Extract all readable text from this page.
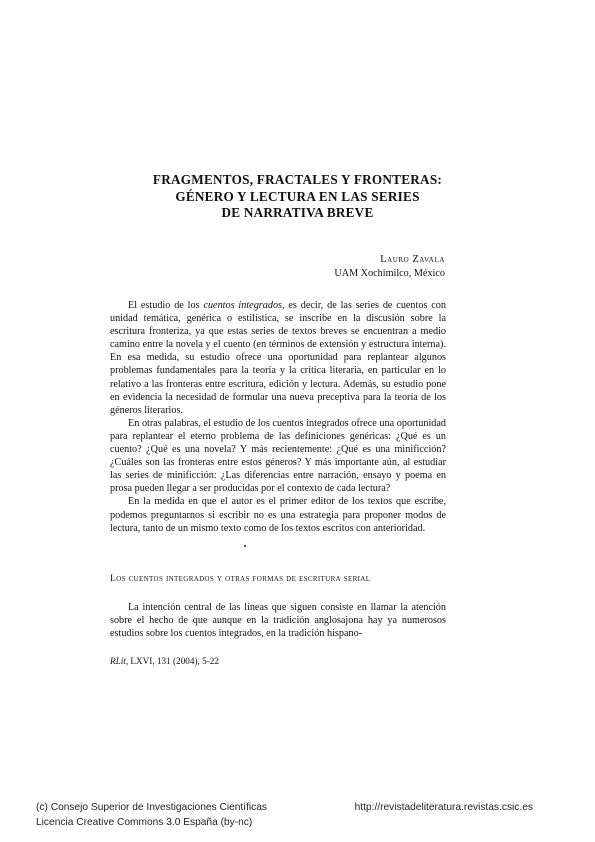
FRAGMENTOS, FRACTALES Y FRONTERAS:
GÉNERO Y LECTURA EN LAS SERIES
DE NARRATIVA BREVE
Lauro Zavala
UAM Xochimilco, México

El estudio de los cuentos integrados, es decir, de las series de cuentos con unidad temática, genérica o estilística, se inscribe en la discusión sobre la escritura fronteriza, ya que estas series de textos breves se encuentran a medio camino entre la novela y el cuento (en términos de extensión y estructura interna). En esa medida, su estudio ofrece una oportunidad para replantear algunos problemas fundamentales para la teoría y la crítica literaria, en particular en lo relativo a las fronteras entre escritura, edición y lectura. Además, su estudio pone en evidencia la necesidad de formular una nueva preceptiva para la teoría de los géneros literarios.

En otras palabras, el estudio de los cuentos integrados ofrece una oportunidad para replantear el eterno problema de las definiciones genéricas: ¿Qué es un cuento? ¿Qué es una novela? Y más recientemente: ¿Qué es una minificción? ¿Cuáles son las fronteras entre estos géneros? Y más importante aún, al estudiar las series de minificción: ¿Las diferencias entre narración, ensayo y poema en prosa pueden llegar a ser producidas por el contexto de cada lectura?

En la medida en que el autor es el primer editor de los textos que escribe, podemos preguntarnos si escribir no es una estrategia para proponer modos de lectura, tanto de un mismo texto como de los textos escritos con anterioridad.

Los cuentos integrados y otras formas de escritura serial

La intención central de las líneas que siguen consiste en llamar la atención sobre el hecho de que aunque en la tradición anglosajona hay ya numerosos estudios sobre los cuentos integrados, en la tradición hispano-

RLit, LXVI, 131 (2004), 5-22
(c) Consejo Superior de Investigaciones Científicas
Licencia Creative Commons 3.0 España (by-nc)
http://revistadeliteratura.revistas.csic.es
